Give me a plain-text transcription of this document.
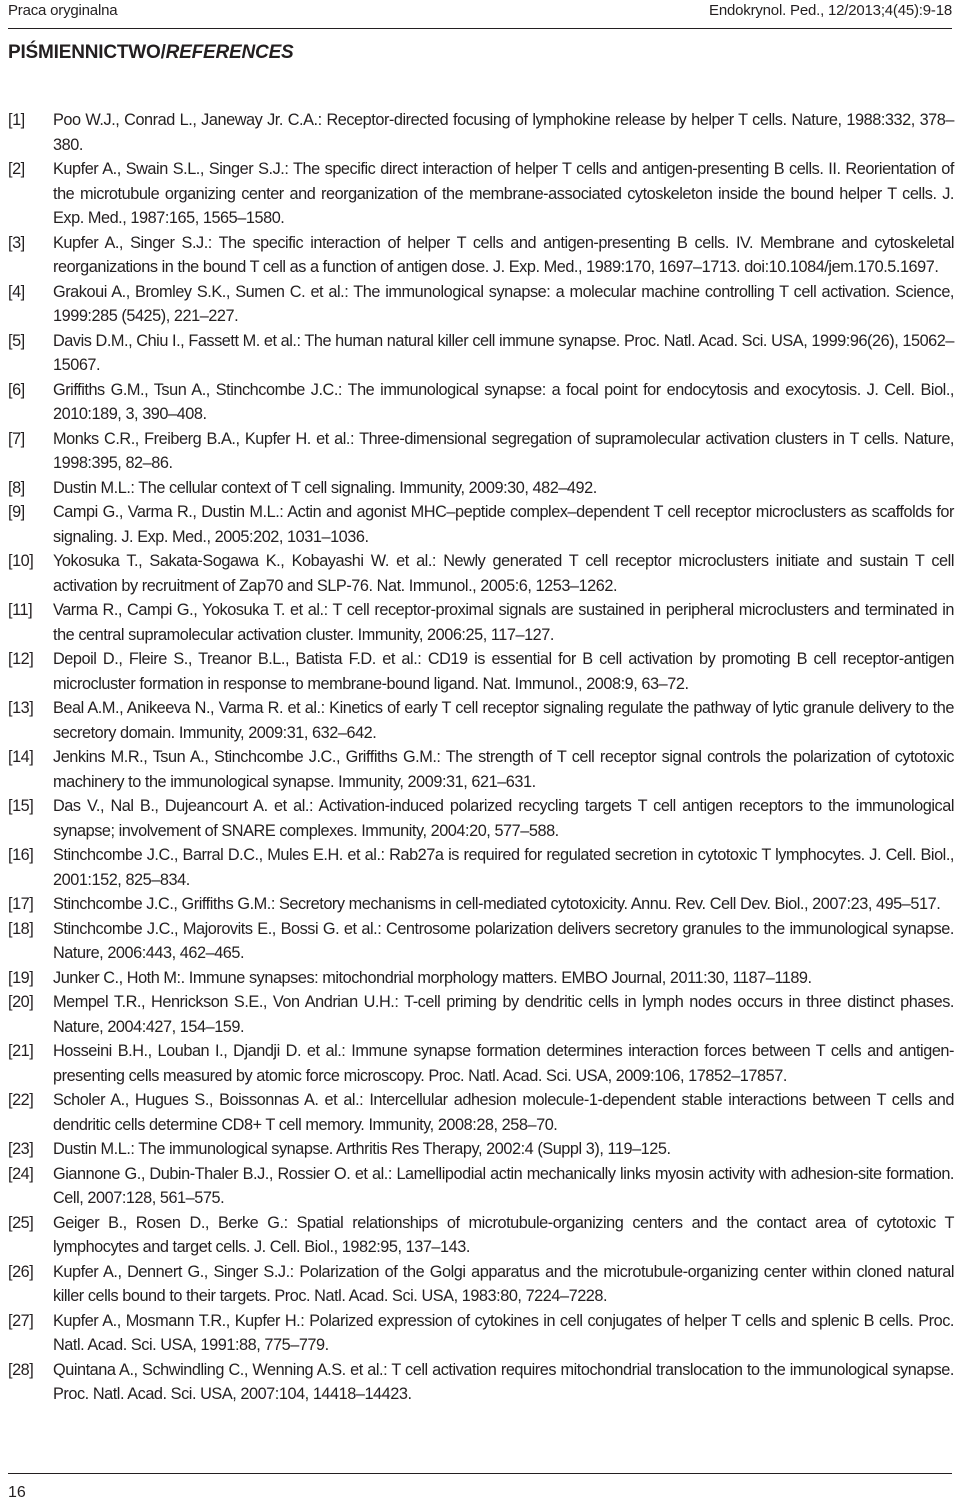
Praca oryginalna	Endokrynol. Ped., 12/2013;4(45):9-18
PIŚMIENNICTWO/REFERENCES
[1] Poo W.J., Conrad L., Janeway Jr. C.A.: Receptor-directed focusing of lymphokine release by helper T cells. Nature, 1988:332, 378–380.
[2] Kupfer A., Swain S.L., Singer S.J.: The specific direct interaction of helper T cells and antigen-presenting B cells. II. Reorientation of the microtubule organizing center and reorganization of the membrane-associated cytoskeleton inside the bound helper T cells. J. Exp. Med., 1987:165, 1565–1580.
[3] Kupfer A., Singer S.J.: The specific interaction of helper T cells and antigen-presenting B cells. IV. Membrane and cytoskeletal reorganizations in the bound T cell as a function of antigen dose. J. Exp. Med., 1989:170, 1697–1713. doi:10.1084/jem.170.5.1697.
[4] Grakoui A., Bromley S.K., Sumen C. et al.: The immunological synapse: a molecular machine controlling T cell activation. Science, 1999:285 (5425), 221–227.
[5] Davis D.M., Chiu I., Fassett M. et al.: The human natural killer cell immune synapse. Proc. Natl. Acad. Sci. USA, 1999:96(26), 15062–15067.
[6] Griffiths G.M., Tsun A., Stinchcombe J.C.: The immunological synapse: a focal point for endocytosis and exocytosis. J. Cell. Biol., 2010:189, 3, 390–408.
[7] Monks C.R., Freiberg B.A., Kupfer H. et al.: Three-dimensional segregation of supramolecular activation clusters in T cells. Nature, 1998:395, 82–86.
[8] Dustin M.L.: The cellular context of T cell signaling. Immunity, 2009:30, 482–492.
[9] Campi G., Varma R., Dustin M.L.: Actin and agonist MHC–peptide complex–dependent T cell receptor microclusters as scaffolds for signaling. J. Exp. Med., 2005:202, 1031–1036.
[10] Yokosuka T., Sakata-Sogawa K., Kobayashi W. et al.: Newly generated T cell receptor microclusters initiate and sustain T cell activation by recruitment of Zap70 and SLP-76. Nat. Immunol., 2005:6, 1253–1262.
[11] Varma R., Campi G., Yokosuka T. et al.: T cell receptor-proximal signals are sustained in peripheral microclusters and terminated in the central supramolecular activation cluster. Immunity, 2006:25, 117–127.
[12] Depoil D., Fleire S., Treanor B.L., Batista F.D. et al.: CD19 is essential for B cell activation by promoting B cell receptor-antigen microcluster formation in response to membrane-bound ligand. Nat. Immunol., 2008:9, 63–72.
[13] Beal A.M., Anikeeva N., Varma R. et al.: Kinetics of early T cell receptor signaling regulate the pathway of lytic granule delivery to the secretory domain. Immunity, 2009:31, 632–642.
[14] Jenkins M.R., Tsun A., Stinchcombe J.C., Griffiths G.M.: The strength of T cell receptor signal controls the polarization of cytotoxic machinery to the immunological synapse. Immunity, 2009:31, 621–631.
[15] Das V., Nal B., Dujeancourt A. et al.: Activation-induced polarized recycling targets T cell antigen receptors to the immunological synapse; involvement of SNARE complexes. Immunity, 2004:20, 577–588.
[16] Stinchcombe J.C., Barral D.C., Mules E.H. et al.: Rab27a is required for regulated secretion in cytotoxic T lymphocytes. J. Cell. Biol., 2001:152, 825–834.
[17] Stinchcombe J.C., Griffiths G.M.: Secretory mechanisms in cell-mediated cytotoxicity. Annu. Rev. Cell Dev. Biol., 2007:23, 495–517.
[18] Stinchcombe J.C., Majorovits E., Bossi G. et al.: Centrosome polarization delivers secretory granules to the immunological synapse. Nature, 2006:443, 462–465.
[19] Junker C., Hoth M:. Immune synapses: mitochondrial morphology matters. EMBO Journal, 2011:30, 1187–1189.
[20] Mempel T.R., Henrickson S.E., Von Andrian U.H.: T-cell priming by dendritic cells in lymph nodes occurs in three distinct phases. Nature, 2004:427, 154–159.
[21] Hosseini B.H., Louban I., Djandji D. et al.: Immune synapse formation determines interaction forces between T cells and antigen-presenting cells measured by atomic force microscopy. Proc. Natl. Acad. Sci. USA, 2009:106, 17852–17857.
[22] Scholer A., Hugues S., Boissonnas A. et al.: Intercellular adhesion molecule-1-dependent stable interactions between T cells and dendritic cells determine CD8+ T cell memory. Immunity, 2008:28, 258–70.
[23] Dustin M.L.: The immunological synapse. Arthritis Res Therapy, 2002:4 (Suppl 3), 119–125.
[24] Giannone G., Dubin-Thaler B.J., Rossier O. et al.: Lamellipodial actin mechanically links myosin activity with adhesion-site formation. Cell, 2007:128, 561–575.
[25] Geiger B., Rosen D., Berke G.: Spatial relationships of microtubule-organizing centers and the contact area of cytotoxic T lymphocytes and target cells. J. Cell. Biol., 1982:95, 137–143.
[26] Kupfer A., Dennert G., Singer S.J.: Polarization of the Golgi apparatus and the microtubule-organizing center within cloned natural killer cells bound to their targets. Proc. Natl. Acad. Sci. USA, 1983:80, 7224–7228.
[27] Kupfer A., Mosmann T.R., Kupfer H.: Polarized expression of cytokines in cell conjugates of helper T cells and splenic B cells. Proc. Natl. Acad. Sci. USA, 1991:88, 775–779.
[28] Quintana A., Schwindling C., Wenning A.S. et al.: T cell activation requires mitochondrial translocation to the immunological synapse. Proc. Natl. Acad. Sci. USA, 2007:104, 14418–14423.
16
